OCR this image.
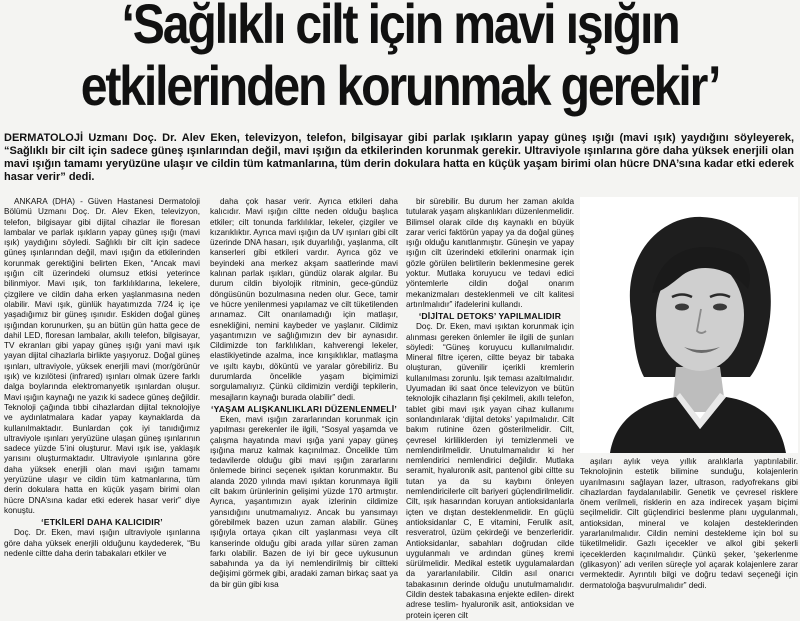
‘Sağlıklı cilt için mavi ışığın
etkilerinden korunmak gerekir’

DERMATOLOJİ Uzmanı Doç. Dr. Alev Eken, televizyon, telefon, bilgisayar gibi parlak ışıkların yapay güneş ışığı (mavi ışık) yaydığını söyleyerek, “Sağlıklı bir cilt için sadece güneş ışınlarından değil, mavi ışığın da etkilerinden korunmak gerekir. Ultraviyole ışınlarına göre daha yüksek enerjili olan mavi ışığın tamamı yeryüzüne ulaşır ve cildin tüm katmanlarına, tüm derin dokulara hatta en küçük yaşam birimi olan hücre DNA’sına kadar etki ederek hasar verir” dedi.

ANKARA (DHA) - Güven Hastanesi Dermatoloji Bölümü Uzmanı Doç. Dr. Alev Eken, televizyon, telefon, bilgisayar gibi dijital cihazlar ile floresan lambalar ve parlak ışıkların yapay güneş ışığı (mavi ışık) yaydığını söyledi. Sağlıklı bir cilt için sadece güneş ışınlarından değil, mavi ışığın da etkilerinden korunmak gerektiğini belirten Eken, “Ancak mavi ışığın cilt üzerindeki olumsuz etkisi yeterince bilinmiyor. Mavi ışık, ton farklılıklarına, lekelere, çizgilere ve cildin daha erken yaşlanmasına neden olabilir. Mavi ışık, günlük hayatımızda 7/24 iç içe yaşadığımız bir güneş ışınıdır. Eskiden doğal güneş ışığından korunurken, şu an bütün gün hatta gece de dahil LED, floresan lambalar, akıllı telefon, bilgisayar, TV ekranları gibi yapay güneş ışığı yani mavi ışık yayan dijital cihazlarla birlikte yaşıyoruz. Doğal güneş ışınları, ultraviyole, yüksek enerjili mavi (mor/görünür ışık) ve kızılötesi (infrared) ışınları olmak üzere farklı dalga boylarında elektromanyetik ışınlardan oluşur. Mavi ışığın kaynağı ne yazık ki sadece güneş değildir. Teknoloji çağında tıbbi cihazlardan dijital teknolojiye ve aydınlatmalara kadar yapay kaynaklarda da kullanılmaktadır. Bunlardan çok iyi tanıdığımız ultraviyole ışınları yeryüzüne ulaşan güneş ışınlarının sadece yüzde 5’ini oluşturur. Mavi ışık ise, yaklaşık yarısını oluşturmaktadır. Ultraviyole ışınlarına göre daha yüksek enerjili olan mavi ışığın tamamı yeryüzüne ulaşır ve cildin tüm katmanlarına, tüm derin dokulara hatta en küçük yaşam birimi olan hücre DNA’sına kadar etki ederek hasar verir” diye konuştu.

‘ETKİLERİ DAHA KALICIDIR’

Doç. Dr. Eken, mavi ışığın ultraviyole ışınlarına göre daha yüksek enerjili olduğunu kaydederek, “Bu nedenle ciltte daha derin tabakaları etkiler ve

daha çok hasar verir. Ayrıca etkileri daha kalıcıdır. Mavi ışığın ciltte neden olduğu başlıca etkiler; cilt tonunda farklılıklar, lekeler, çizgiler ve kızarıklıktır. Ayrıca mavi ışığın da UV ışınları gibi cilt üzerinde DNA hasarı, ışık duyarlılığı, yaşlanma, cilt kanserleri gibi etkileri vardır. Ayrıca göz ve beyindeki ana merkez akşam saatlerinde mavi kalınan parlak ışıkları, gündüz olarak algılar. Bu durum cildin biyolojik ritminin, gece-gündüz döngüsünün bozulmasına neden olur. Gece, tamir ve hücre yenilenmesi yapılamaz ve cilt tüketilenden arınamaz. Cilt onarılamadığı için matlaşır, esnekliğini, nemini kaybeder ve yaşlanır. Cildimiz yaşantımızın ve sağlığımızın dev bir aynasıdır. Cildimizde ton farklılıkları, kahverengi lekeler, elastikiyetinde azalma, ince kırışıklıklar, matlaşma ve ışıltı kaybı, döküntü ve yaralar görebiliriz. Bu durumlarda öncelikle yaşam biçimimizi sorgulamalıyız. Çünkü cildimizin verdiği tepkilerin, mesajların kaynağı burada olabilir” dedi.

‘YAŞAM ALIŞKANLIKLARI DÜZENLENMELİ’

Eken, mavi ışığın zararlarından korunmak için yapılması gerekenler ile ilgili, “Sosyal yaşamda ve çalışma hayatında mavi ışığa yani yapay güneş ışığına maruz kalmak kaçınılmaz. Öncelikle tüm tedavilerde olduğu gibi mavi ışığın zararlarını önlemede birinci seçenek ışıktan korunmaktır. Bu alanda 2020 yılında mavi ışıktan korunmaya ilgili cilt bakım ürünlerinin gelişimi yüzde 170 artmıştır. Ayrıca, yaşantımızın ayak izlerinin cildimize yansıdığını unutmamalıyız. Ancak bu yansımayı görebilmek bazen uzun zaman alabilir. Güneş ışığıyla ortaya çıkan cilt yaşlanması veya cilt kanserinde olduğu gibi arada yıllar süren zaman farkı olabilir. Bazen de iyi bir gece uykusunun sabahında ya da iyi nemlendirilmiş bir ciltteki değişimi görmek gibi, aradaki zaman birkaç saat ya da bir gün gibi kısa

bir sürebilir. Bu durum her zaman akılda tutularak yaşam alışkanlıkları düzenlenmelidir. Bilimsel olarak cilde dış kaynaklı en büyük zarar verici faktörün yapay ya da doğal güneş ışığı olduğu kanıtlanmıştır. Güneşin ve yapay ışığın cilt üzerindeki etkilerini onarmak için gözle görülen belirtilerin beklenmesine gerek yoktur. Mutlaka koruyucu ve tedavi edici yöntemlerle cildin doğal onarım mekanizmaları desteklenmeli ve cilt kalitesi artırılmalıdır” ifadelerini kullandı.

‘DİJİTAL DETOKS’ YAPILMALIDIR

Doç. Dr. Eken, mavi ışıktan korunmak için alınması gereken önlemler ile ilgili de şunları söyledi: “Güneş koruyucu kullanılmalıdır. Mineral filtre içeren, ciltte beyaz bir tabaka oluşturan, güvenilir içerikli kremlerin kullanılması zorunlu. Işık teması azaltılmalıdır. Uyumadan iki saat önce televizyon ve bütün teknolojik cihazların fişi çekilmeli, akıllı telefon, tablet gibi mavi ışık yayan cihaz kullanımı sonlandırılarak ‘dijital detoks’ yapılmalıdır. Cilt bakım rutinine özen gösterilmelidir. Cilt, çevresel kirliliklerden iyi temizlenmeli ve nemlendirilmelidir. Unutulmamalıdır ki her nemlendirici nemlendirici değildir. Mutlaka seramit, hyaluronik asit, pantenol gibi ciltte su tutan ya da su kaybını önleyen nemlendiricilerle cilt bariyeri güçlendirilmelidir. Cilt, ışık hasarından koruyan antioksidanlarla içten ve dıştan desteklenmelidir. En güçlü antioksidanlar C, E vitamini, Ferulik asit, resveratrol, üzüm çekirdeği ve benzerleridir. Antioksidanlar, sabahları doğrudan cilde uygulanmalı ve ardından güneş kremi sürülmelidir. Medikal estetik uygulamalardan da yararlanılabilir. Cildin asıl onarıcı tabakasının derinde olduğu unutulmamalıdır. Cildin destek tabakasına enjekte edilen- direkt adrese teslim- hyaluronik asit, antioksidan ve protein içeren cilt

aşıları aylık veya yıllık aralıklarla yaptırılabilir. Teknolojinin estetik bilimine sunduğu, kolajenlerin uyarılmasını sağlayan lazer, ultrason, radyofrekans gibi cihazlardan faydalanılabilir. Genetik ve çevresel risklere önem verilmeli, risklerin en aza indirecek yaşam biçimi seçilmelidir. Cilt güçlendirici beslenme planı uygulanmalı, antioksidan, mineral ve kolajen desteklerinden yararlanılmalıdır. Cildin nemini destekleme için bol su tüketilmelidir. Gazlı içecekler ve alkol gibi şekerli içeceklerden kaçınılmalıdır. Çünkü şeker, ‘şekerlenme (glikasyon)’ adı verilen süreçle yol açarak kolajenlere zarar vermektedir. Ayrıntılı bilgi ve doğru tedavi seçeneği için dermatoloğa başvurulmalıdır” dedi.
